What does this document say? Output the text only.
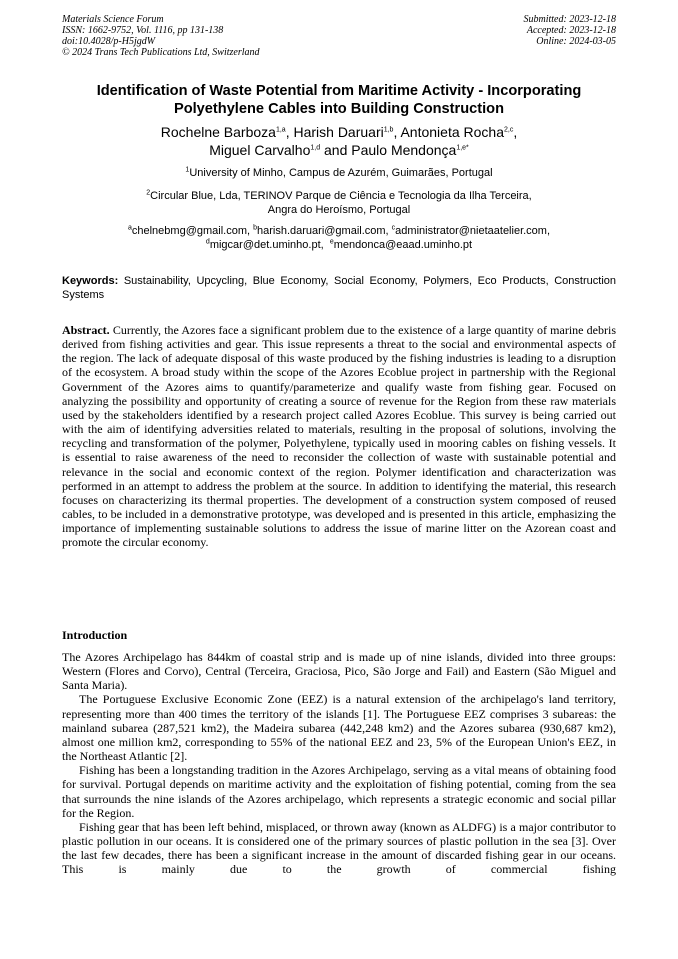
Materials Science Forum
ISSN: 1662-9752, Vol. 1116, pp 131-138
doi:10.4028/p-H5jgdW
© 2024 Trans Tech Publications Ltd, Switzerland
Submitted: 2023-12-18
Accepted: 2023-12-18
Online: 2024-03-05
Identification of Waste Potential from Maritime Activity - Incorporating
Polyethylene Cables into Building Construction
Rochelne Barboza$^{1,a}$, Harish Daruari$^{1,b}$, Antonieta Rocha$^{2,c}$,
Miguel Carvalho$^{1,d}$ and Paulo Mendonça$^{1,e*}$
$^1$University of Minho, Campus de Azurém, Guimarães, Portugal
$^2$Circular Blue, Lda, TERINOV Parque de Ciência e Tecnologia da Ilha Terceira,
Angra do Heroísmo, Portugal
$^a$chelnebmg@gmail.com, $^b$harish.daruari@gmail.com, $^c$administrator@nietaatelier.com,
$^d$migcar@det.uminho.pt,  $^e$mendonca@eaad.uminho.pt
Keywords: Sustainability, Upcycling, Blue Economy, Social Economy, Polymers, Eco Products, Construction Systems
Abstract. Currently, the Azores face a significant problem due to the existence of a large quantity of marine debris derived from fishing activities and gear. This issue represents a threat to the social and environmental aspects of the region. The lack of adequate disposal of this waste produced by the fishing industries is leading to a disruption of the ecosystem. A broad study within the scope of the Azores Ecoblue project in partnership with the Regional Government of the Azores aims to quantify/parameterize and qualify waste from fishing gear. Focused on analyzing the possibility and opportunity of creating a source of revenue for the Region from these raw materials used by the stakeholders identified by a research project called Azores Ecoblue. This survey is being carried out with the aim of identifying adversities related to materials, resulting in the proposal of solutions, involving the recycling and transformation of the polymer, Polyethylene, typically used in mooring cables on fishing vessels. It is essential to raise awareness of the need to reconsider the collection of waste with sustainable potential and relevance in the social and economic context of the region. Polymer identification and characterization was performed in an attempt to address the problem at the source. In addition to identifying the material, this research focuses on characterizing its thermal properties. The development of a construction system composed of reused cables, to be included in a demonstrative prototype, was developed and is presented in this article, emphasizing the importance of implementing sustainable solutions to address the issue of marine litter on the Azorean coast and promote the circular economy.
Introduction

The Azores Archipelago has 844km of coastal strip and is made up of nine islands, divided into three groups: Western (Flores and Corvo), Central (Terceira, Graciosa, Pico, São Jorge and Fail) and Eastern (São Miguel and Santa Maria).

The Portuguese Exclusive Economic Zone (EEZ) is a natural extension of the archipelago's land territory, representing more than 400 times the territory of the islands [1]. The Portuguese EEZ comprises 3 subareas: the mainland subarea (287,521 km2), the Madeira subarea (442,248 km2) and the Azores subarea (930,687 km2), almost one million km2, corresponding to 55% of the national EEZ and 23, 5% of the European Union's EEZ, in the Northeast Atlantic [2].

Fishing has been a longstanding tradition in the Azores Archipelago, serving as a vital means of obtaining food for survival. Portugal depends on maritime activity and the exploitation of fishing potential, coming from the sea that surrounds the nine islands of the Azores archipelago, which represents a strategic economic and social pillar for the Region.

Fishing gear that has been left behind, misplaced, or thrown away (known as ALDFG) is a major contributor to plastic pollution in our oceans. It is considered one of the primary sources of plastic pollution in the sea [3]. Over the last few decades, there has been a significant increase in the amount of discarded fishing gear in our oceans. This is mainly due to the growth of commercial fishing
